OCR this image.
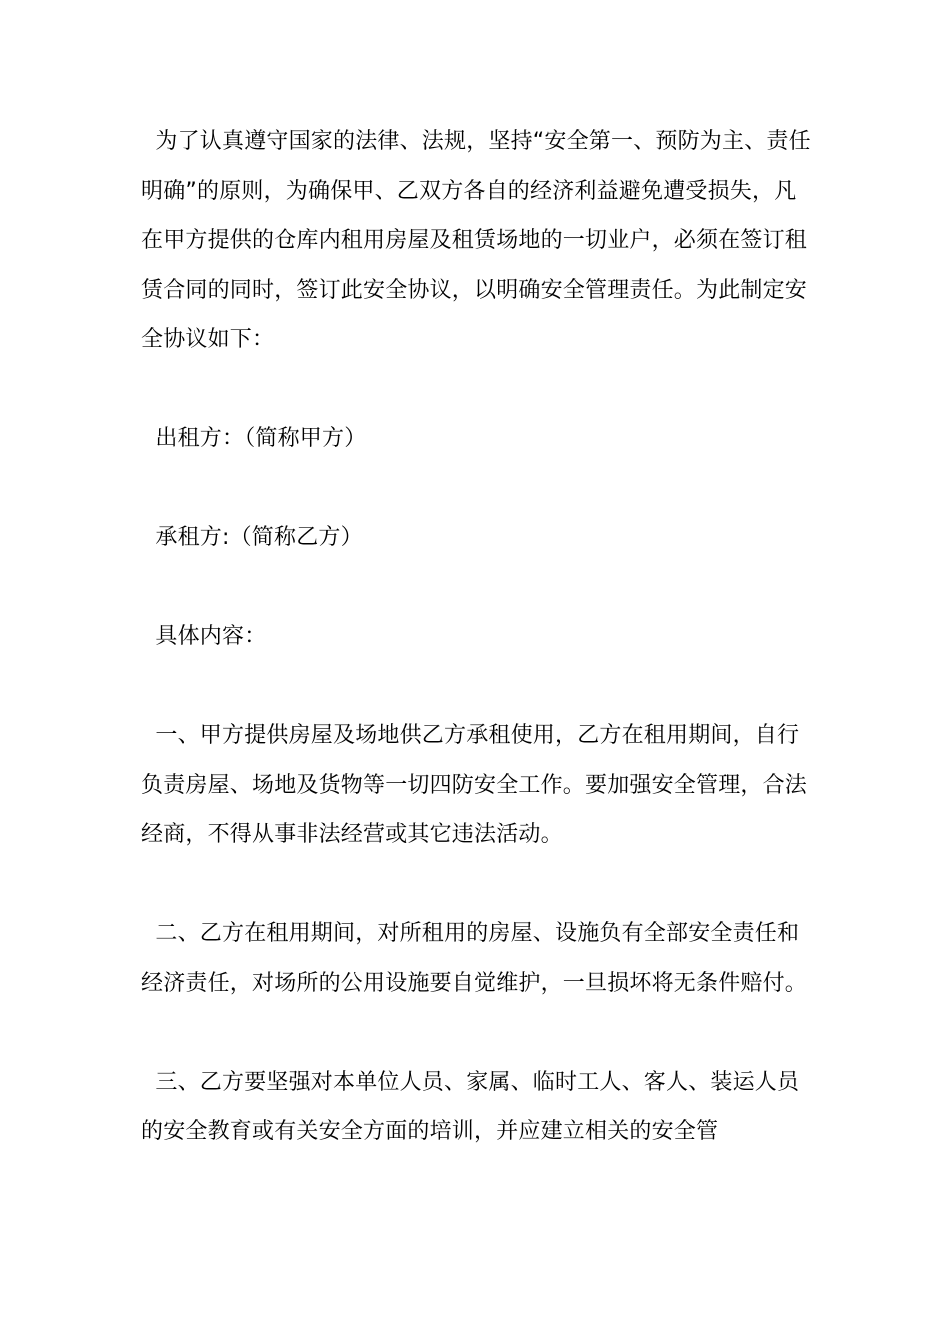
为了认真遵守国家的法律、法规，坚持“安全第一、预防为主、责任明确”的原则，为确保甲、乙双方各自的经济利益避免遭受损失，凡在甲方提供的仓库内租用房屋及租赁场地的一切业户，必须在签订租赁合同的同时，签订此安全协议，以明确安全管理责任。为此制定安全协议如下：

出租方：（简称甲方）

承租方:（简称乙方）

具体内容：

一、甲方提供房屋及场地供乙方承租使用，乙方在租用期间，自行负责房屋、场地及货物等一切四防安全工作。要加强安全管理，合法经商，不得从事非法经营或其它违法活动。

二、乙方在租用期间，对所租用的房屋、设施负有全部安全责任和经济责任，对场所的公用设施要自觉维护，一旦损坏将无条件赔付。

三、乙方要坚强对本单位人员、家属、临时工人、客人、装运人员的安全教育或有关安全方面的培训，并应建立相关的安全管
